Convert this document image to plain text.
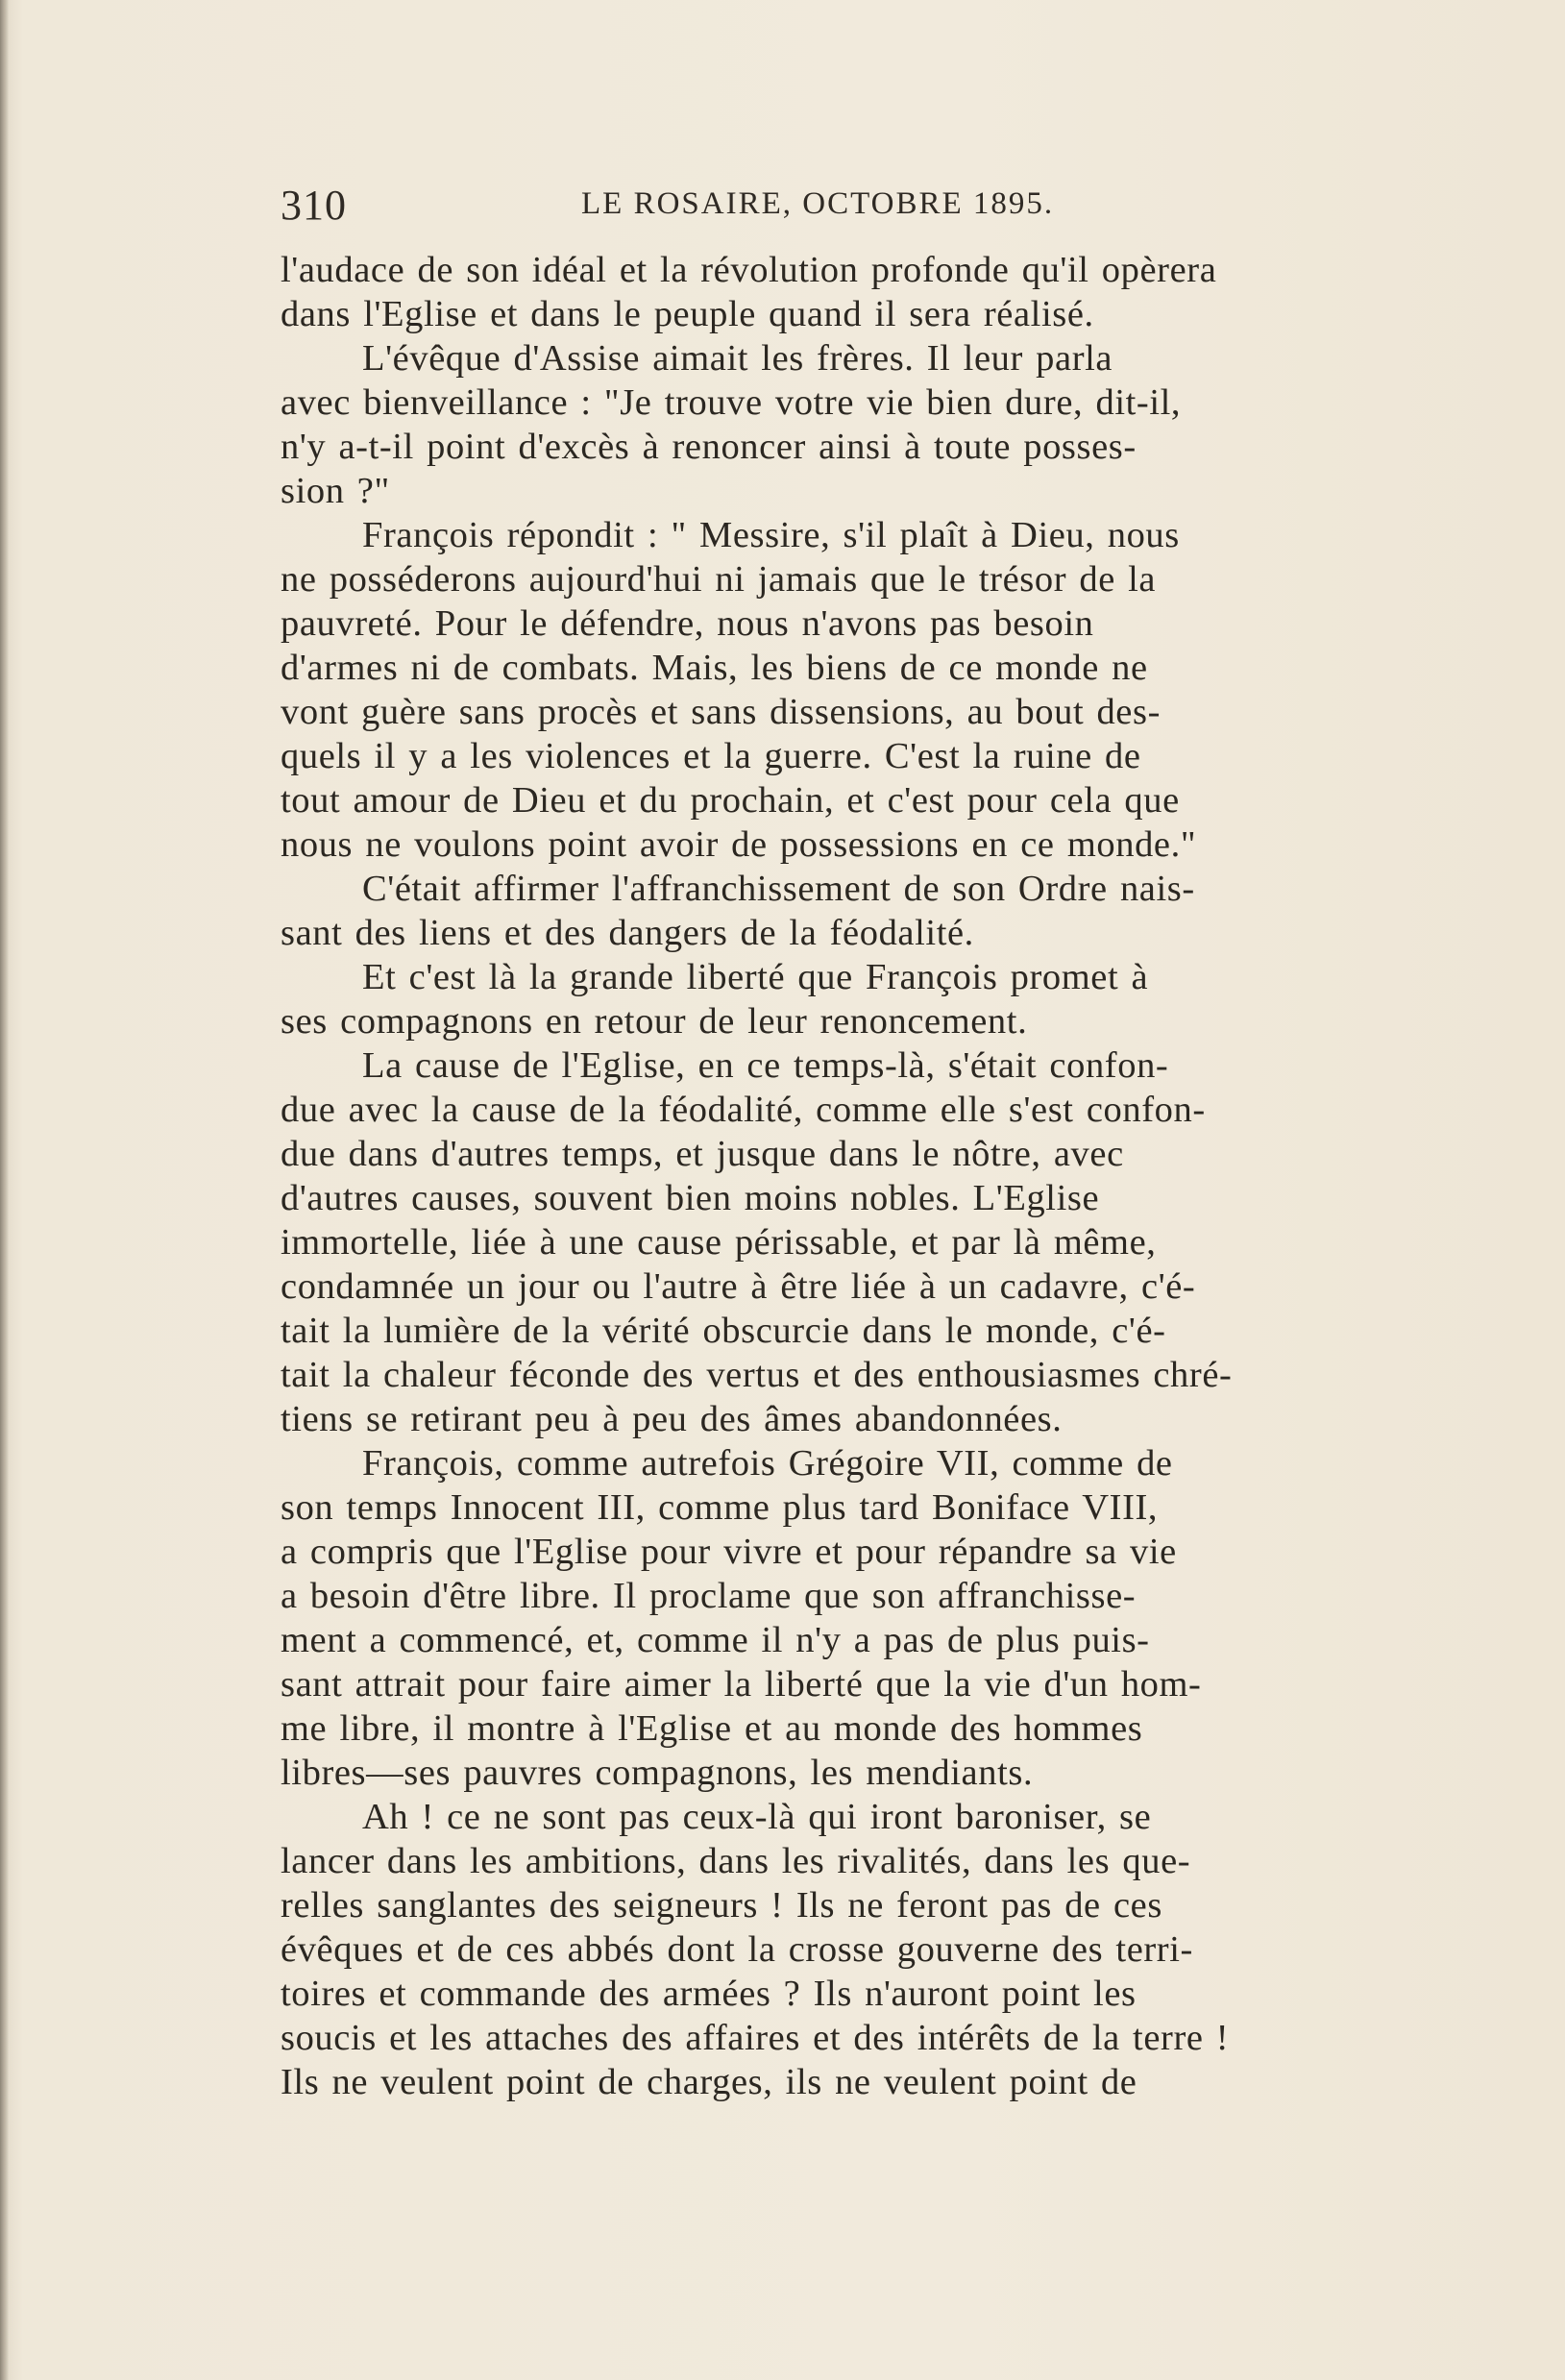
310	LE ROSAIRE, OCTOBRE 1895.
l'audace de son idéal et la révolution profonde qu'il opèrera
dans l'Eglise et dans le peuple quand il sera réalisé.
L'évêque d'Assise aimait les frères. Il leur parla
avec bienveillance : "Je trouve votre vie bien dure, dit-il,
n'y a-t-il point d'excès à renoncer ainsi à toute posses-
sion ?"
François répondit : " Messire, s'il plaît à Dieu, nous
ne posséderons aujourd'hui ni jamais que le trésor de la
pauvreté. Pour le défendre, nous n'avons pas besoin
d'armes ni de combats. Mais, les biens de ce monde ne
vont guère sans procès et sans dissensions, au bout des-
quels il y a les violences et la guerre. C'est la ruine de
tout amour de Dieu et du prochain, et c'est pour cela que
nous ne voulons point avoir de possessions en ce monde."
C'était affirmer l'affranchissement de son Ordre nais-
sant des liens et des dangers de la féodalité.
Et c'est là la grande liberté que François promet à
ses compagnons en retour de leur renoncement.
La cause de l'Eglise, en ce temps-là, s'était confon-
due avec la cause de la féodalité, comme elle s'est confon-
due dans d'autres temps, et jusque dans le nôtre, avec
d'autres causes, souvent bien moins nobles. L'Eglise
immortelle, liée à une cause périssable, et par là même,
condamnée un jour ou l'autre à être liée à un cadavre, c'é-
tait la lumière de la vérité obscurcie dans le monde, c'é-
tait la chaleur féconde des vertus et des enthousiasmes chré-
tiens se retirant peu à peu des âmes abandonnées.
François, comme autrefois Grégoire VII, comme de
son temps Innocent III, comme plus tard Boniface VIII,
a compris que l'Eglise pour vivre et pour répandre sa vie
a besoin d'être libre. Il proclame que son affranchisse-
ment a commencé, et, comme il n'y a pas de plus puis-
sant attrait pour faire aimer la liberté que la vie d'un hom-
me libre, il montre à l'Eglise et au monde des hommes
libres—ses pauvres compagnons, les mendiants.
Ah ! ce ne sont pas ceux-là qui iront baroniser, se
lancer dans les ambitions, dans les rivalités, dans les que-
relles sanglantes des seigneurs ! Ils ne feront pas de ces
évêques et de ces abbés dont la crosse gouverne des terri-
toires et commande des armées ? Ils n'auront point les
soucis et les attaches des affaires et des intérêts de la terre !
Ils ne veulent point de charges, ils ne veulent point de
